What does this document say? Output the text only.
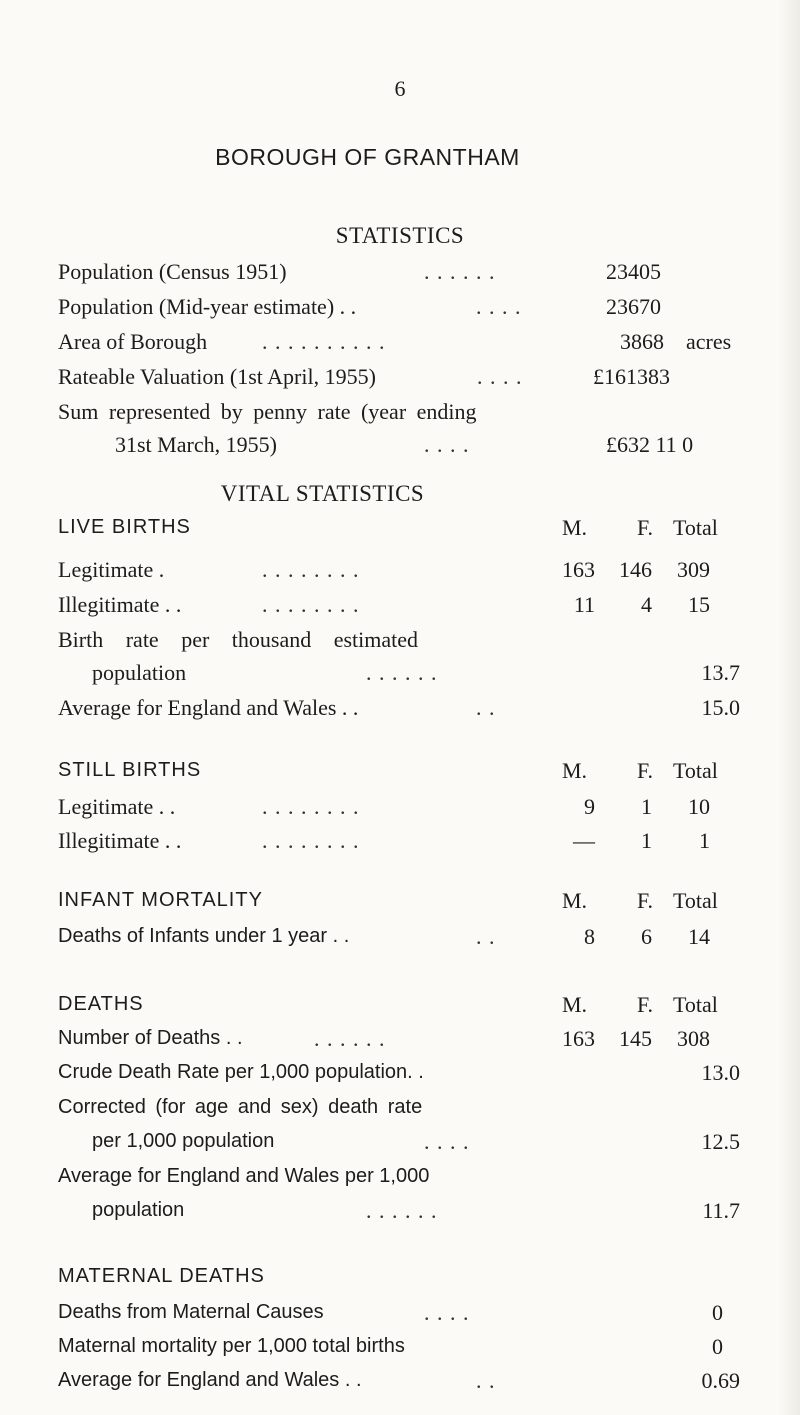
6
BOROUGH OF GRANTHAM
STATISTICS
Population (Census 1951)	. . . . . .	23405
Population (Mid-year estimate) . .	. . . .	23670
Area of Borough . . . . . . . . . .	3868 acres
Rateable Valuation (1st April, 1955)	. . . .	£161383
Sum represented by penny rate (year ending
31st March, 1955)	. . . .	£632 11 0
VITAL STATISTICS
LIVE BIRTHS	M. F. Total
Legitimate .	. . . . . . . .	163	146	309
Illegitimate . .	. . . . . . . .	11	4	15
Birth rate per thousand estimated
population	. . . . . .	13.7
Average for England and Wales . .	. .	15.0
STILL BIRTHS	M. F. Total
Legitimate . .	. . . . . . . .	9	1	10
Illegitimate . .	. . . . . . . .	—	1	1
INFANT MORTALITY	M. F. Total
Deaths of Infants under 1 year . .	. .	8	6	14
DEATHS	M. F. Total
Number of Deaths . .	. . . . . .	163	145	308
Crude Death Rate per 1,000 population. .	13.0
Corrected (for age and sex) death rate
per 1,000 population	. . . .	12.5
Average for England and Wales per 1,000
population	. . . . . .	11.7
MATERNAL DEATHS
Deaths from Maternal Causes	. . . .	0
Maternal mortality per 1,000 total births	0
Average for England and Wales . .	. .	0.69
